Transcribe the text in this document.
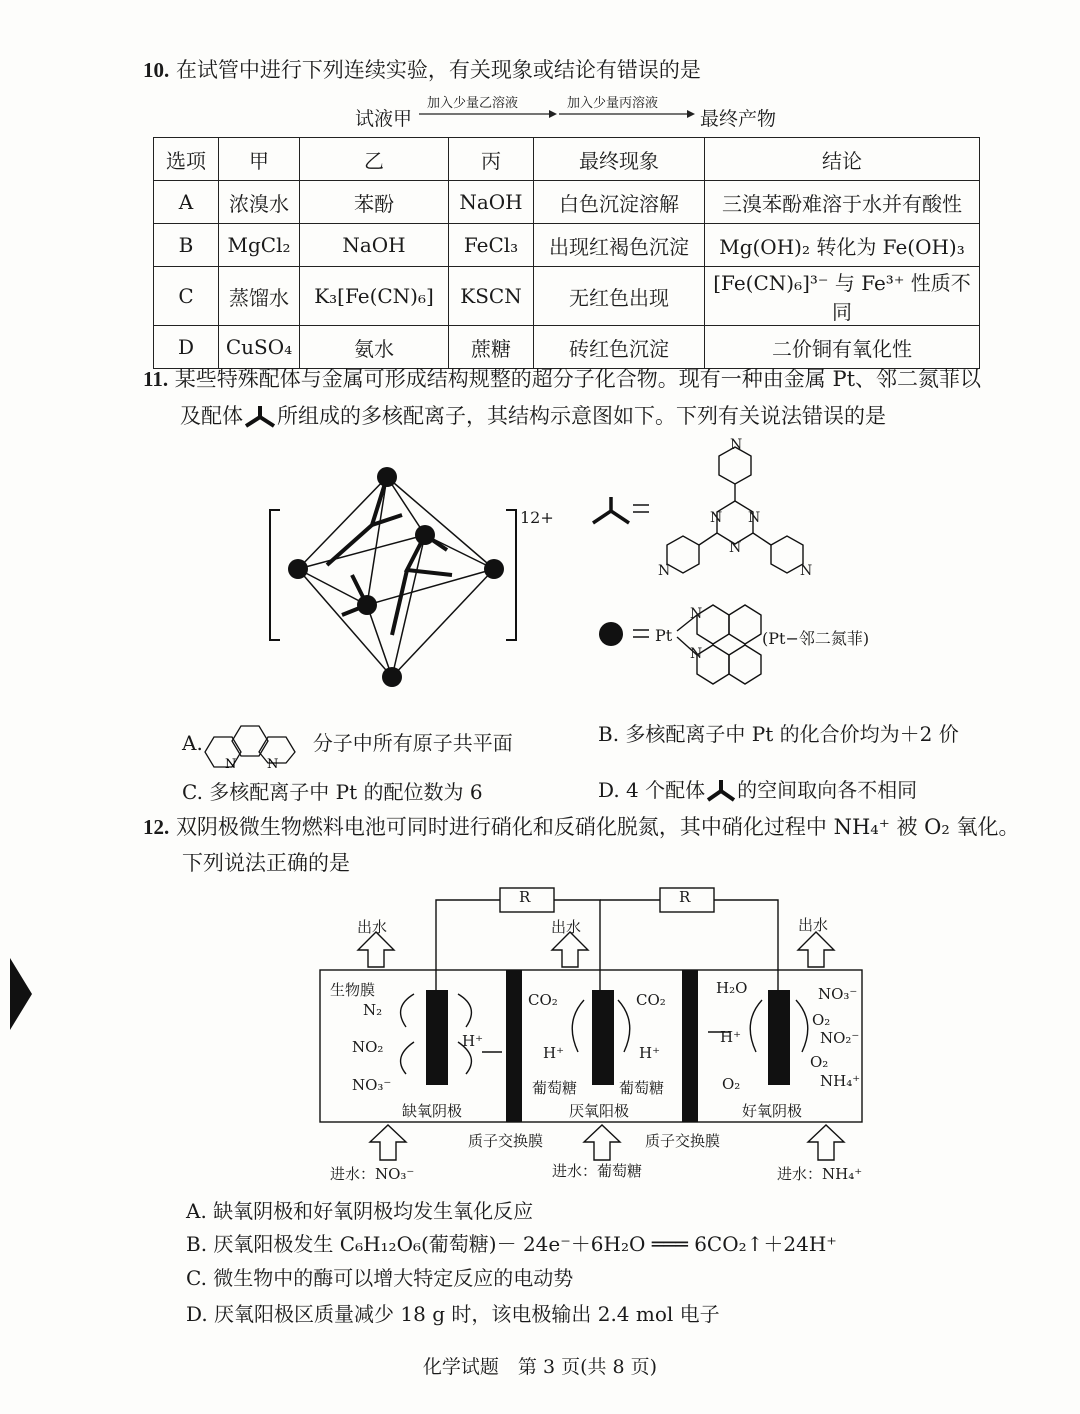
10. 在试管中进行下列连续实验，有关现象或结论有错误的是
试液甲
加入少量乙溶液	加入少量丙溶液
最终产物
选项	甲	乙	丙	最终现象	结论
A	浓溴水	苯酚	NaOH	白色沉淀溶解	三溴苯酚难溶于水并有酸性
B	MgCl₂	NaOH	FeCl₃	出现红褐色沉淀	Mg(OH)₂ 转化为 Fe(OH)₃
C	蒸馏水	K₃[Fe(CN)₆]	KSCN	无红色出现	[Fe(CN)₆]³⁻ 与 Fe³⁺ 性质不同
D	CuSO₄	氨水	蔗糖	砖红色沉淀	二价铜有氧化性
11. 某些特殊配体与金属可形成结构规整的超分子化合物。现有一种由金属 Pt、邻二氮菲以
及配体 所组成的多核配离子，其结构示意图如下。下列有关说法错误的是
12+
N
N N
N
N	N
Pt
N
N
(Pt−邻二氮菲)
A.
N N
分子中所有原子共平面	B. 多核配离子中 Pt 的化合价均为＋2 价
C. 多核配离子中 Pt 的配位数为 6	D. 4 个配体 的空间取向各不相同
12. 双阴极微生物燃料电池可同时进行硝化和反硝化脱氮，其中硝化过程中 NH₄⁺ 被 O₂ 氧化。
下列说法正确的是
R	R
出水	出水	出水
生物膜
N₂
NO₂
NO₃⁻
H⁺
缺氧阴极
CO₂	CO₂
H⁺	H⁺
葡萄糖	葡萄糖
厌氧阳极
H₂O
H⁺
O₂
NO₃⁻
O₂
NO₂⁻
O₂
NH₄⁺
好氧阴极
质子交换膜	质子交换膜
进水：NO₃⁻	进水：葡萄糖	进水：NH₄⁺
A. 缺氧阴极和好氧阴极均发生氧化反应
B. 厌氧阳极发生 C₆H₁₂O₆(葡萄糖)－ 24e⁻＋6H₂O ═══ 6CO₂↑＋24H⁺
C. 微生物中的酶可以增大特定反应的电动势
D. 厌氧阳极区质量减少 18 g 时，该电极输出 2.4 mol 电子
化学试题　第 3 页(共 8 页)
